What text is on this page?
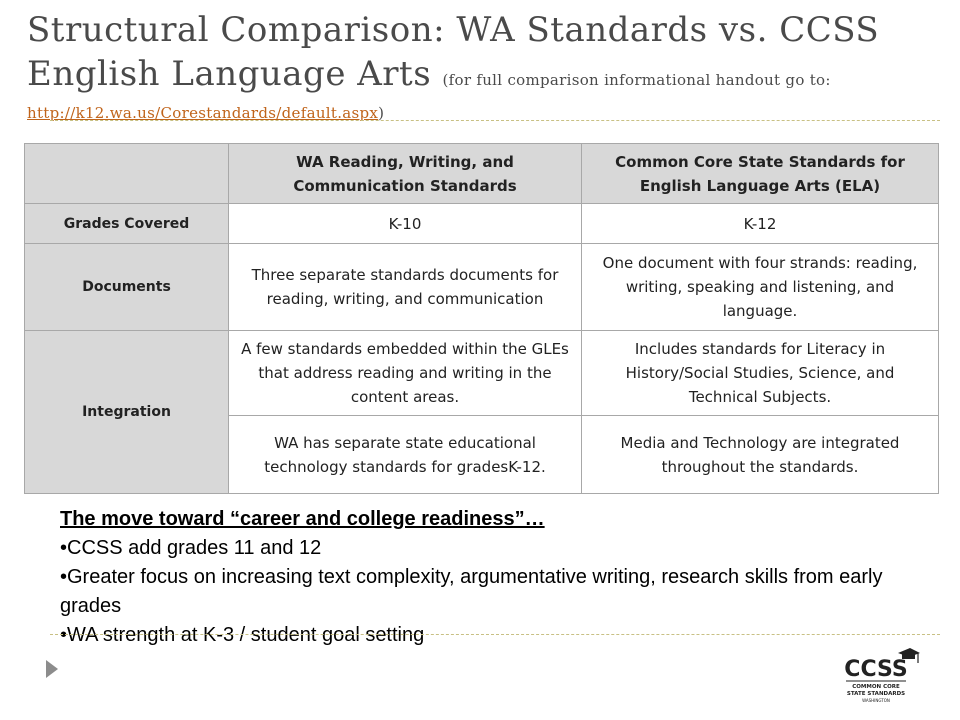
Structural Comparison: WA Standards vs. CCSS
English Language Arts (for full comparison informational handout go to:
http://k12.wa.us/Corestandards/default.aspx)
	WA Reading, Writing, and Communication Standards	Common Core State Standards for English Language Arts (ELA)
Grades Covered	K-10	K-12
Documents	Three separate standards documents for reading, writing, and communication	One document with four strands: reading, writing, speaking and listening, and language.
Integration	A few standards embedded within the GLEs that address reading and writing in the content areas.	Includes standards for Literacy in History/Social Studies, Science, and Technical Subjects.
	WA has separate state educational technology standards for gradesK-12.	Media and Technology are integrated throughout the standards.
The move toward “career and college readiness”…
•CCSS add grades 11 and 12
•Greater focus on increasing text complexity, argumentative writing, research skills from early grades
•WA strength at K-3 / student goal setting
CCSS
COMMON CORE
STATE STANDARDS
WASHINGTON
